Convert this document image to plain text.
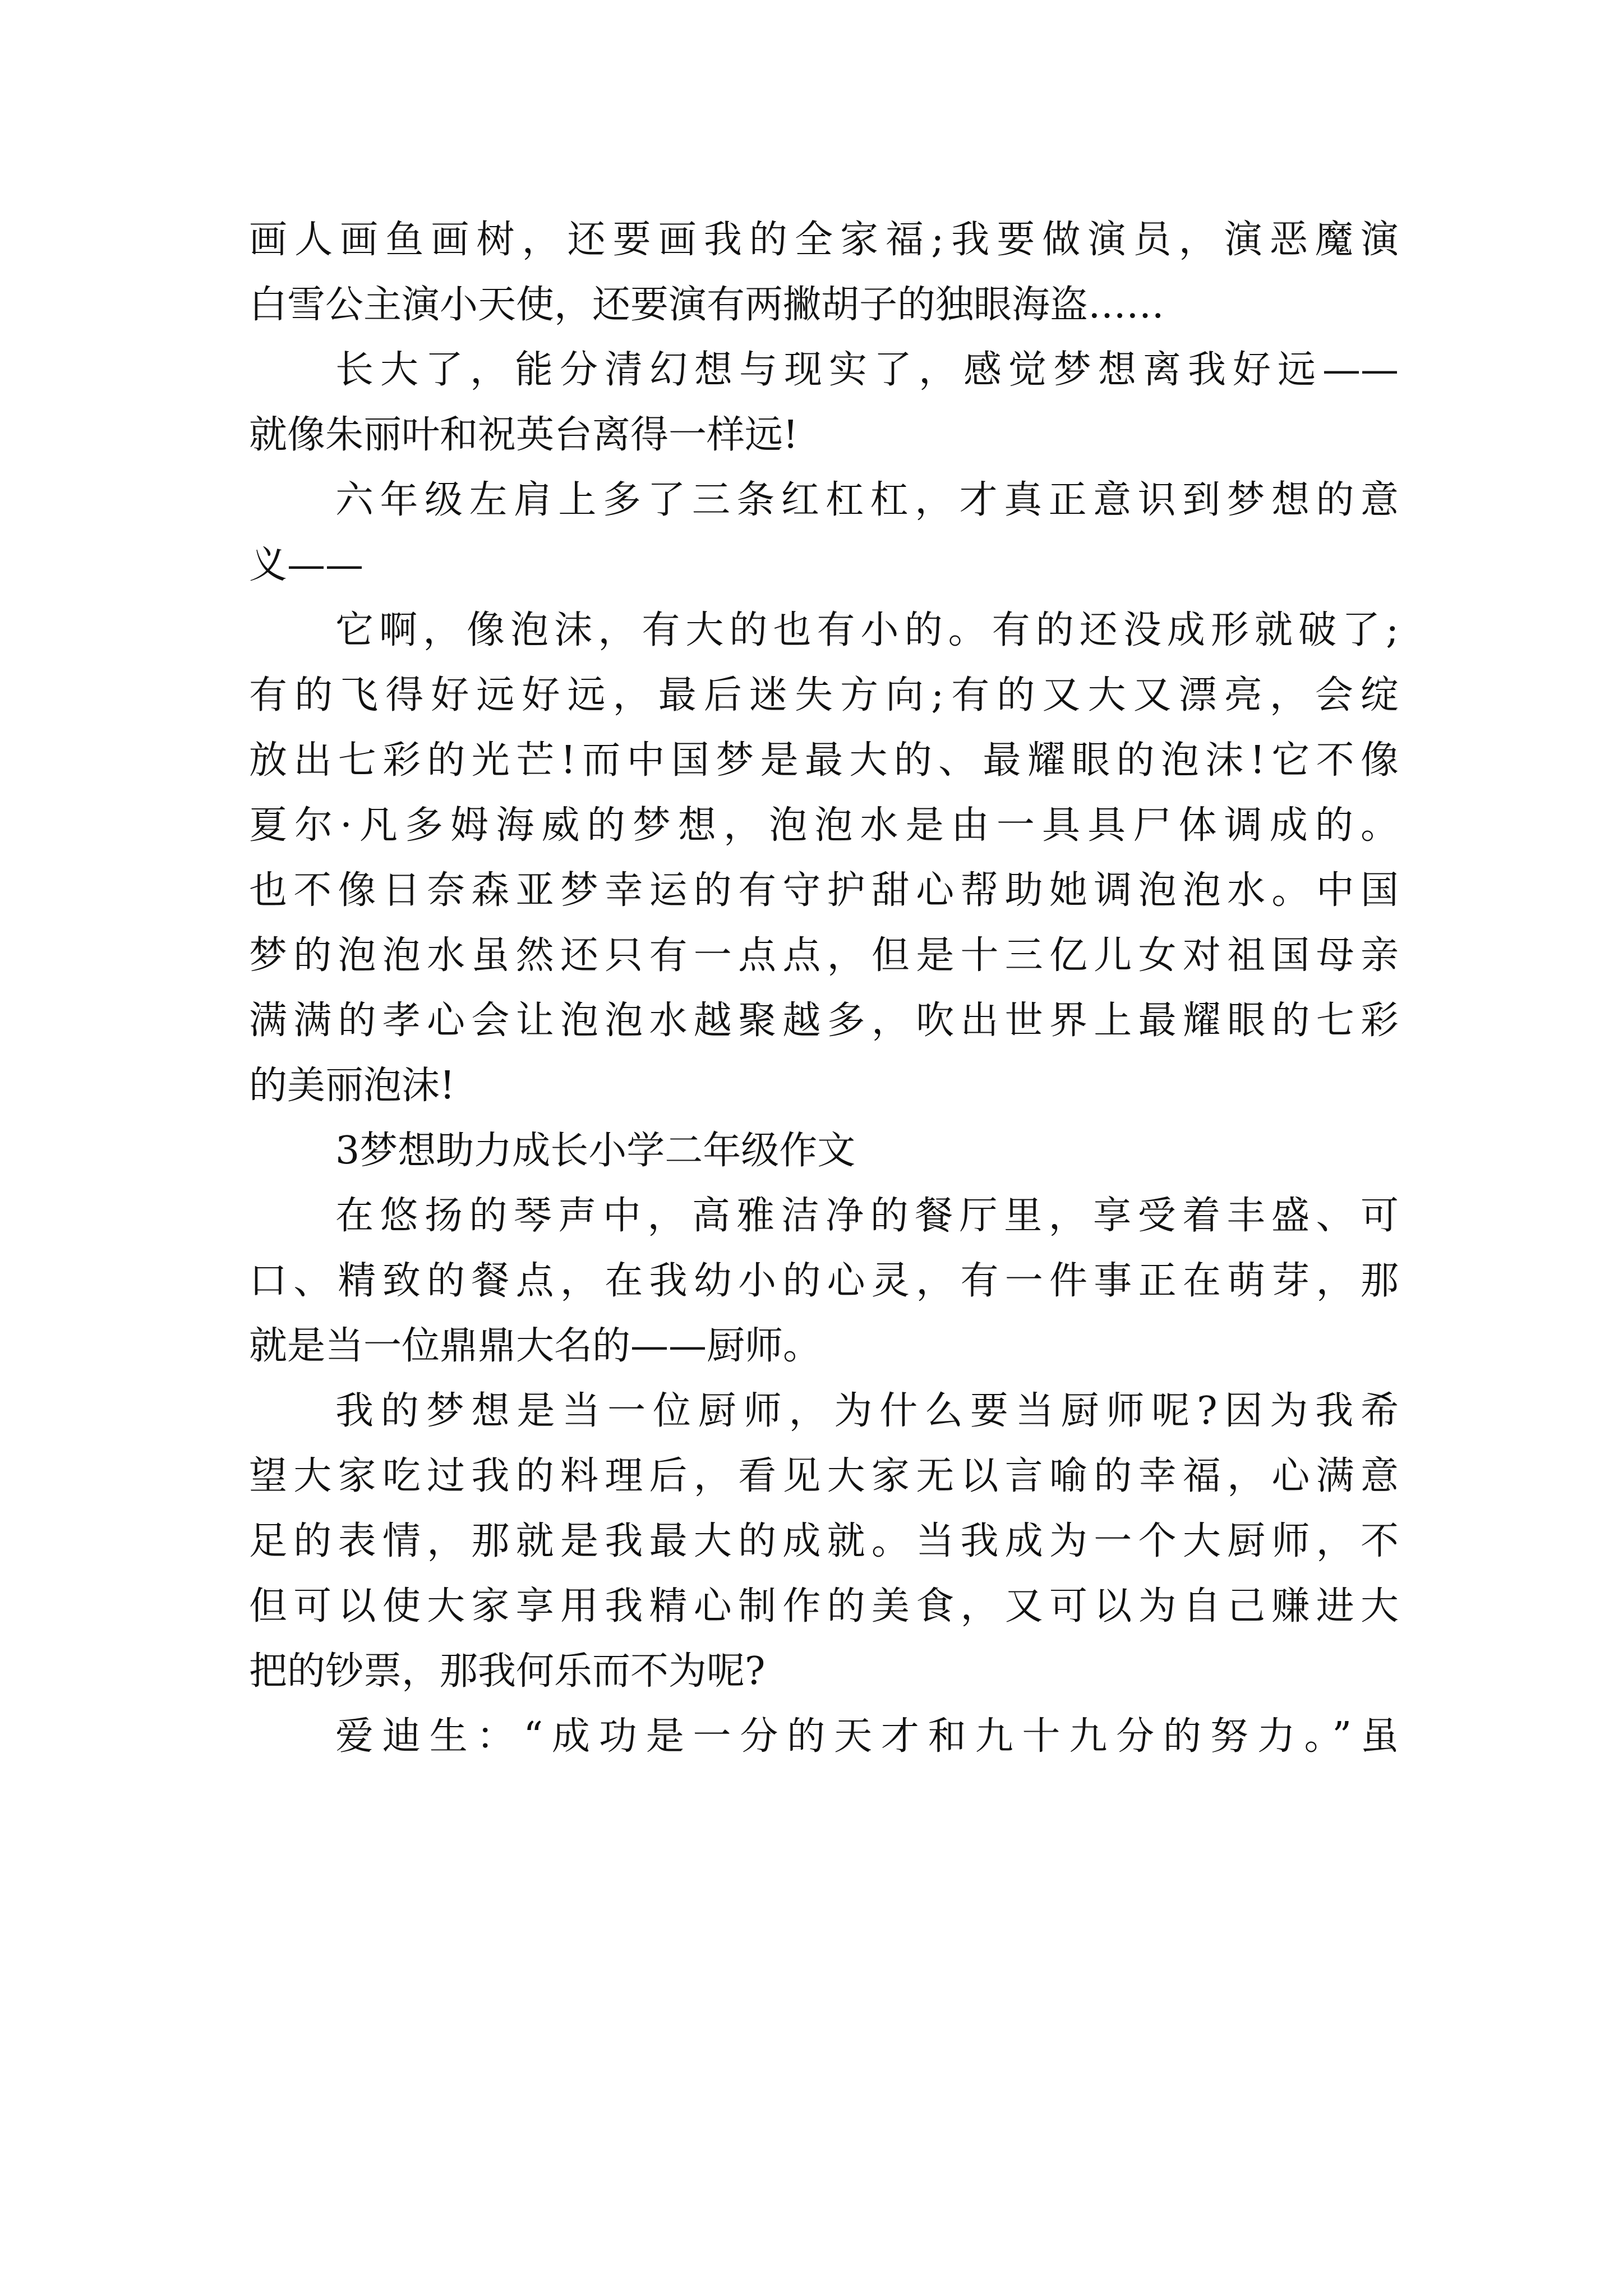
画人画鱼画树，还要画我的全家福;我要做演员，演恶魔演
白雪公主演小天使，还要演有两撇胡子的独眼海盗……
长大了，能分清幻想与现实了，感觉梦想离我好远——
就像朱丽叶和祝英台离得一样远!
六年级左肩上多了三条红杠杠，才真正意识到梦想的意
义——
它啊，像泡沫，有大的也有小的。有的还没成形就破了;
有的飞得好远好远，最后迷失方向;有的又大又漂亮，会绽
放出七彩的光芒!而中国梦是最大的、最耀眼的泡沫!它不像
夏尔·凡多姆海威的梦想，泡泡水是由一具具尸体调成的。
也不像日奈森亚梦幸运的有守护甜心帮助她调泡泡水。中国
梦的泡泡水虽然还只有一点点，但是十三亿儿女对祖国母亲
满满的孝心会让泡泡水越聚越多，吹出世界上最耀眼的七彩
的美丽泡沫!
3梦想助力成长小学二年级作文
在悠扬的琴声中，高雅洁净的餐厅里，享受着丰盛、可
口、精致的餐点，在我幼小的心灵，有一件事正在萌芽，那
就是当一位鼎鼎大名的——厨师。
我的梦想是当一位厨师，为什么要当厨师呢?因为我希
望大家吃过我的料理后，看见大家无以言喻的幸福，心满意
足的表情，那就是我最大的成就。当我成为一个大厨师，不
但可以使大家享用我精心制作的美食，又可以为自己赚进大
把的钞票，那我何乐而不为呢?
爱迪生：“成功是一分的天才和九十九分的努力。”虽
